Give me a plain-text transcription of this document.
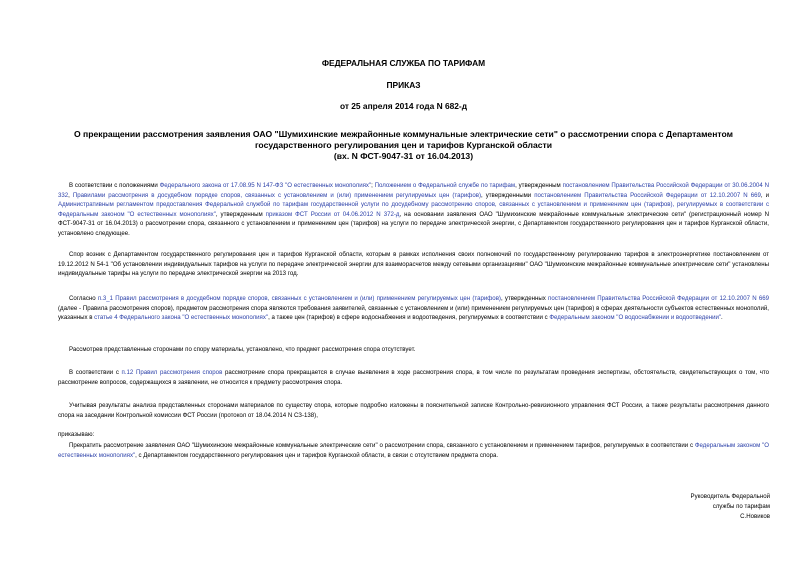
ФЕДЕРАЛЬНАЯ СЛУЖБА ПО ТАРИФАМ
ПРИКАЗ
от 25 апреля 2014 года N 682-д
О прекращении рассмотрения заявления ОАО "Шумихинские межрайонные коммунальные электрические сети" о рассмотрении спора с Департаментом
государственного регулирования цен и тарифов Курганской области
(вх. N ФСТ-9047-31 от 16.04.2013)
В соответствии с положениями Федерального закона от 17.08.95 N 147-ФЗ "О естественных монополиях"; Положением о Федеральной службе по тарифам, утвержденным постановлением Правительства Российской Федерации от 30.06.2004 N 332, Правилами рассмотрения в досудебном порядке споров, связанных с установлением и (или) применением регулируемых цен (тарифов), утвержденными постановлением Правительства Российской Федерации от 12.10.2007 N 669, и Административным регламентом предоставления Федеральной службой по тарифам государственной услуги по досудебному рассмотрению споров, связанных с установлением и применением цен (тарифов), регулируемых в соответствии с Федеральным законом "О естественных монополиях", утвержденным приказом ФСТ России от 04.06.2012 N 372-д, на основании заявления ОАО "Шумихинские межрайонные коммунальные электрические сети" (регистрационный номер N ФСТ-9047-31 от 16.04.2013) о рассмотрении спора, связанного с установлением и применением цен (тарифов) на услуги по передаче электрической энергии, с Департаментом государственного регулирования цен и тарифов Курганской области, установлено следующее.
Спор возник с Департаментом государственного регулирования цен и тарифов Курганской области, которым в рамках исполнения своих полномочий по государственному регулированию тарифов в электроэнергетике постановлением от 19.12.2012 N 54-1 "Об установлении индивидуальных тарифов на услуги по передаче электрической энергии для взаиморасчетов между сетевыми организациями" ОАО "Шумихинские межрайонные коммунальные электрические сети" установлены индивидуальные тарифы на услуги по передаче электрической энергии на 2013 год.
Согласно п.3_1 Правил рассмотрения в досудебном порядке споров, связанных с установлением и (или) применением регулируемых цен (тарифов), утвержденных постановлением Правительства Российской Федерации от 12.10.2007 N 669 (далее - Правила рассмотрения споров), предметом рассмотрения спора являются требования заявителей, связанные с установлением и (или) применением регулируемых цен (тарифов) в сферах деятельности субъектов естественных монополий, указанных в статье 4 Федерального закона "О естественных монополиях", а также цен (тарифов) в сфере водоснабжения и водоотведения, регулируемых в соответствии с Федеральным законом "О водоснабжении и водоотведении".
Рассмотрев представленные сторонами по спору материалы, установлено, что предмет рассмотрения спора отсутствует.
В соответствии с п.12 Правил рассмотрения споров рассмотрение спора прекращается в случае выявления в ходе рассмотрения спора, в том числе по результатам проведения экспертизы, обстоятельств, свидетельствующих о том, что рассмотрение вопросов, содержащихся в заявлении, не относится к предмету рассмотрения спора.
Учитывая результаты анализа представленных сторонами материалов по существу спора, которые подробно изложены в пояснительной записке Контрольно-ревизионного управления ФСТ России, а также результаты рассмотрения данного спора на заседании Контрольной комиссии ФСТ России (протокол от 18.04.2014 N СЗ-138),
приказываю:
Прекратить рассмотрение заявления ОАО "Шумихинские межрайонные коммунальные электрические сети" о рассмотрении спора, связанного с установлением и применением тарифов, регулируемых в соответствии с Федеральным законом "О естественных монополиях", с Департаментом государственного регулирования цен и тарифов Курганской области, в связи с отсутствием предмета спора.
Руководитель Федеральной
службы по тарифам
С.Новиков
